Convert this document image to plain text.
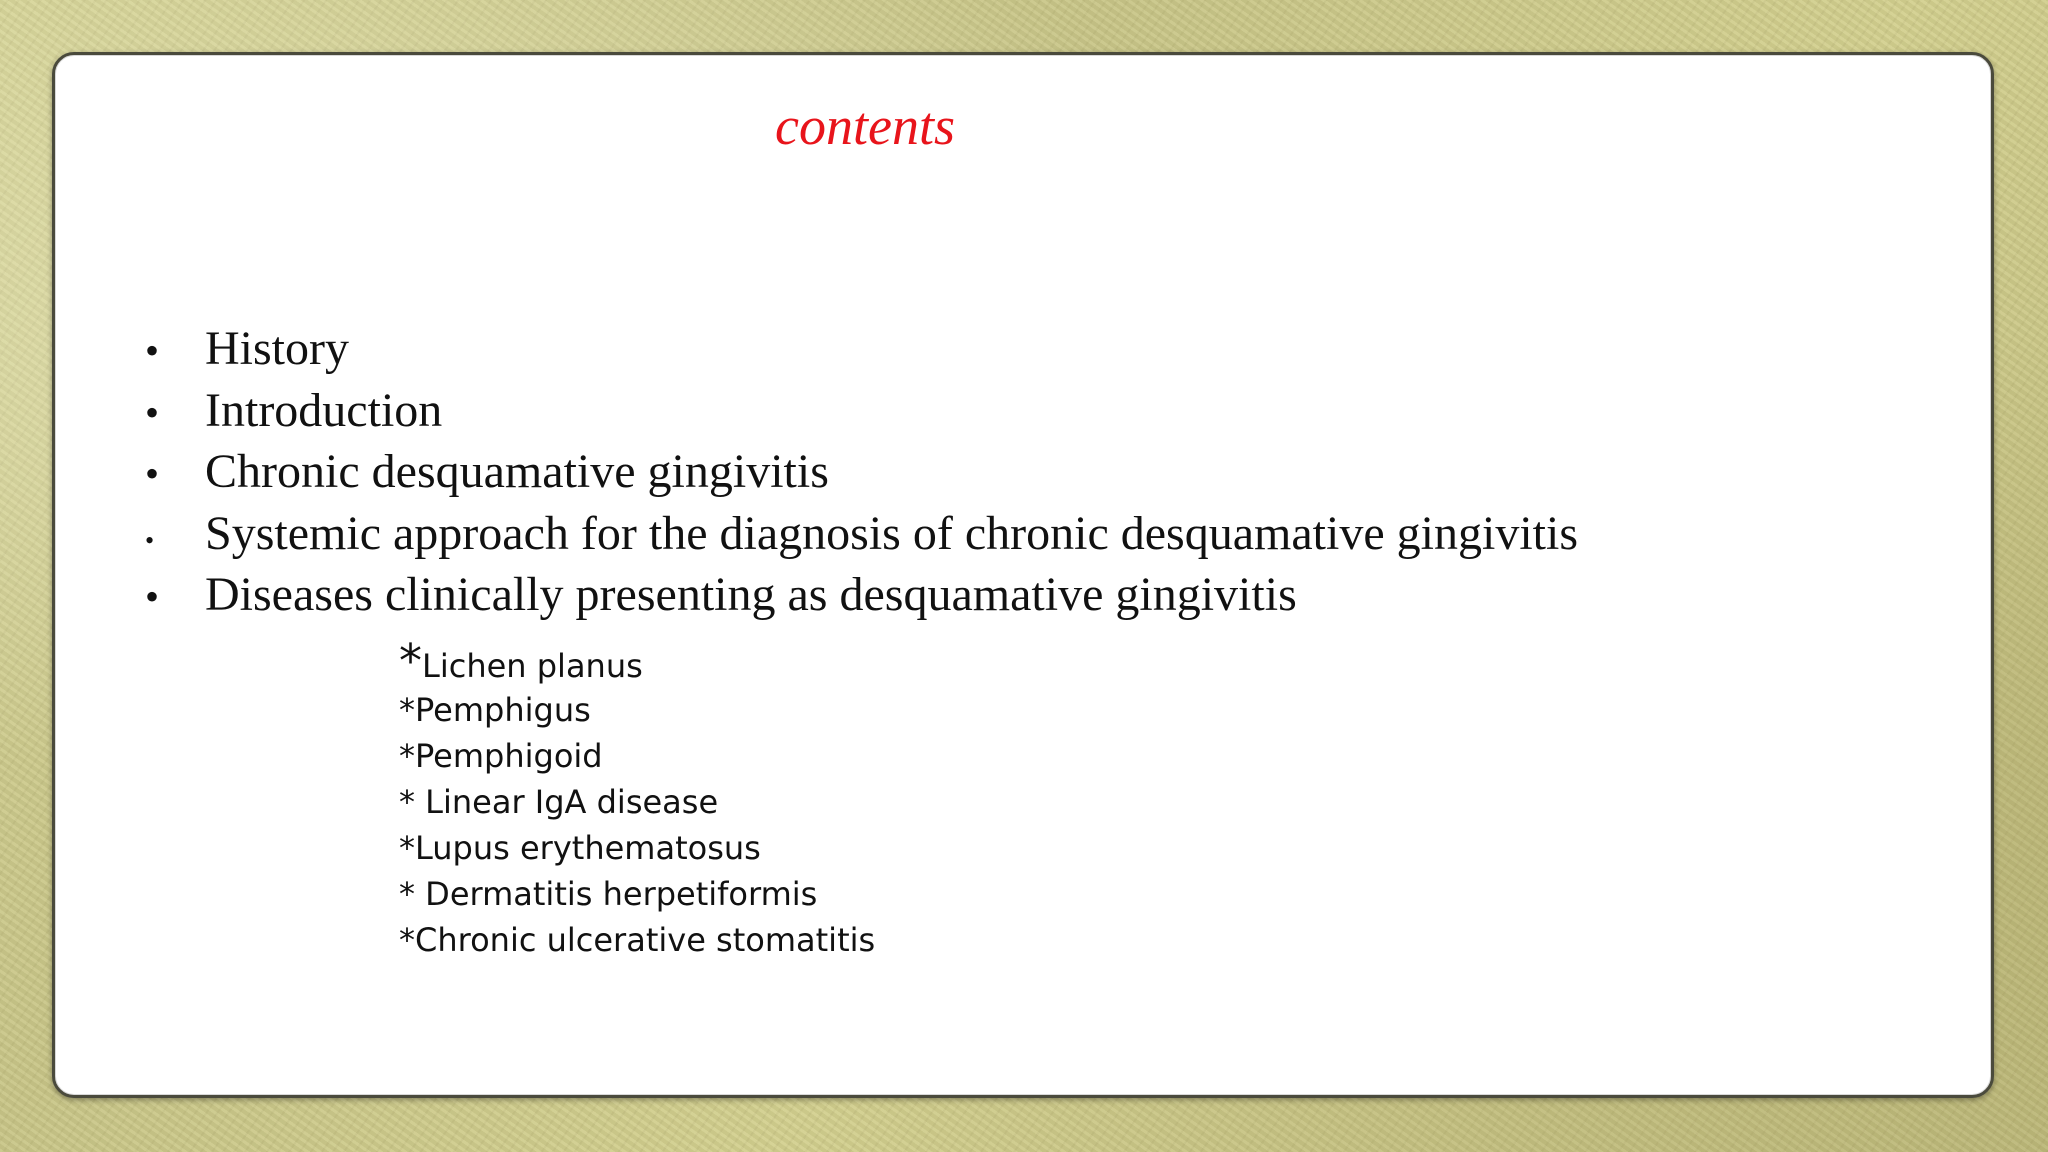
contents
• History
• Introduction
• Chronic desquamative gingivitis
•	Systemic approach for the diagnosis of chronic desquamative gingivitis
• Diseases clinically presenting as desquamative gingivitis
*Lichen planus
*Pemphigus
*Pemphigoid
* Linear IgA disease
*Lupus erythematosus
* Dermatitis herpetiformis
*Chronic ulcerative stomatitis
